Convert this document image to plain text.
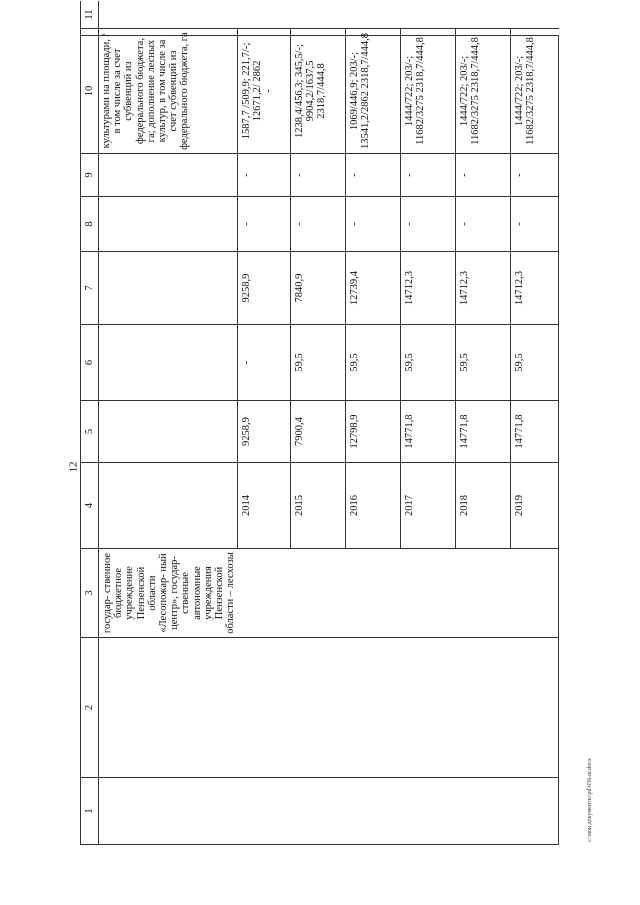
12
1
2
3
4
5
6
7
8
9
10
11
государ- ственное бюджетное учреждение Пензенской области «Лесопожар- ный центр», государ- ственные автономные учреждения Пензенской области – лесхозы
культурами на площади, / в том числе за счет субвенций из федерального бюджета, га; дополнение лесных культур, в том числе за счет субвенций из федерального бюджета, га
2014
9258,9
-
9258,9
-
-
1587,7 /509,9; 221,7/-; 12671,2/ 2862 -
2015
7900,4
59,5
7840,9
-
-
1238,4/456,3; 345,5/-; 9904,2/1637,5 2318,7/444,8
2016
12798,9
59,5
12739,4
-
-
1069/446,9; 203/-; 13541,2/2862 2318,7/444,8
2017
14771,8
59,5
14712,3
-
-
1444/722; 203/-; 11682/3275 2318,7/444,8
2018
14771,8
59,5
14712,3
-
-
1444/722; 203/-; 11682/3275 2318,7/444,8
2019
14771,8
59,5
14712,3
-
-
1444/722; 203/-; 11682/3275 2318,7/444,8
с:\мои документы\pd\656-ш.docx
